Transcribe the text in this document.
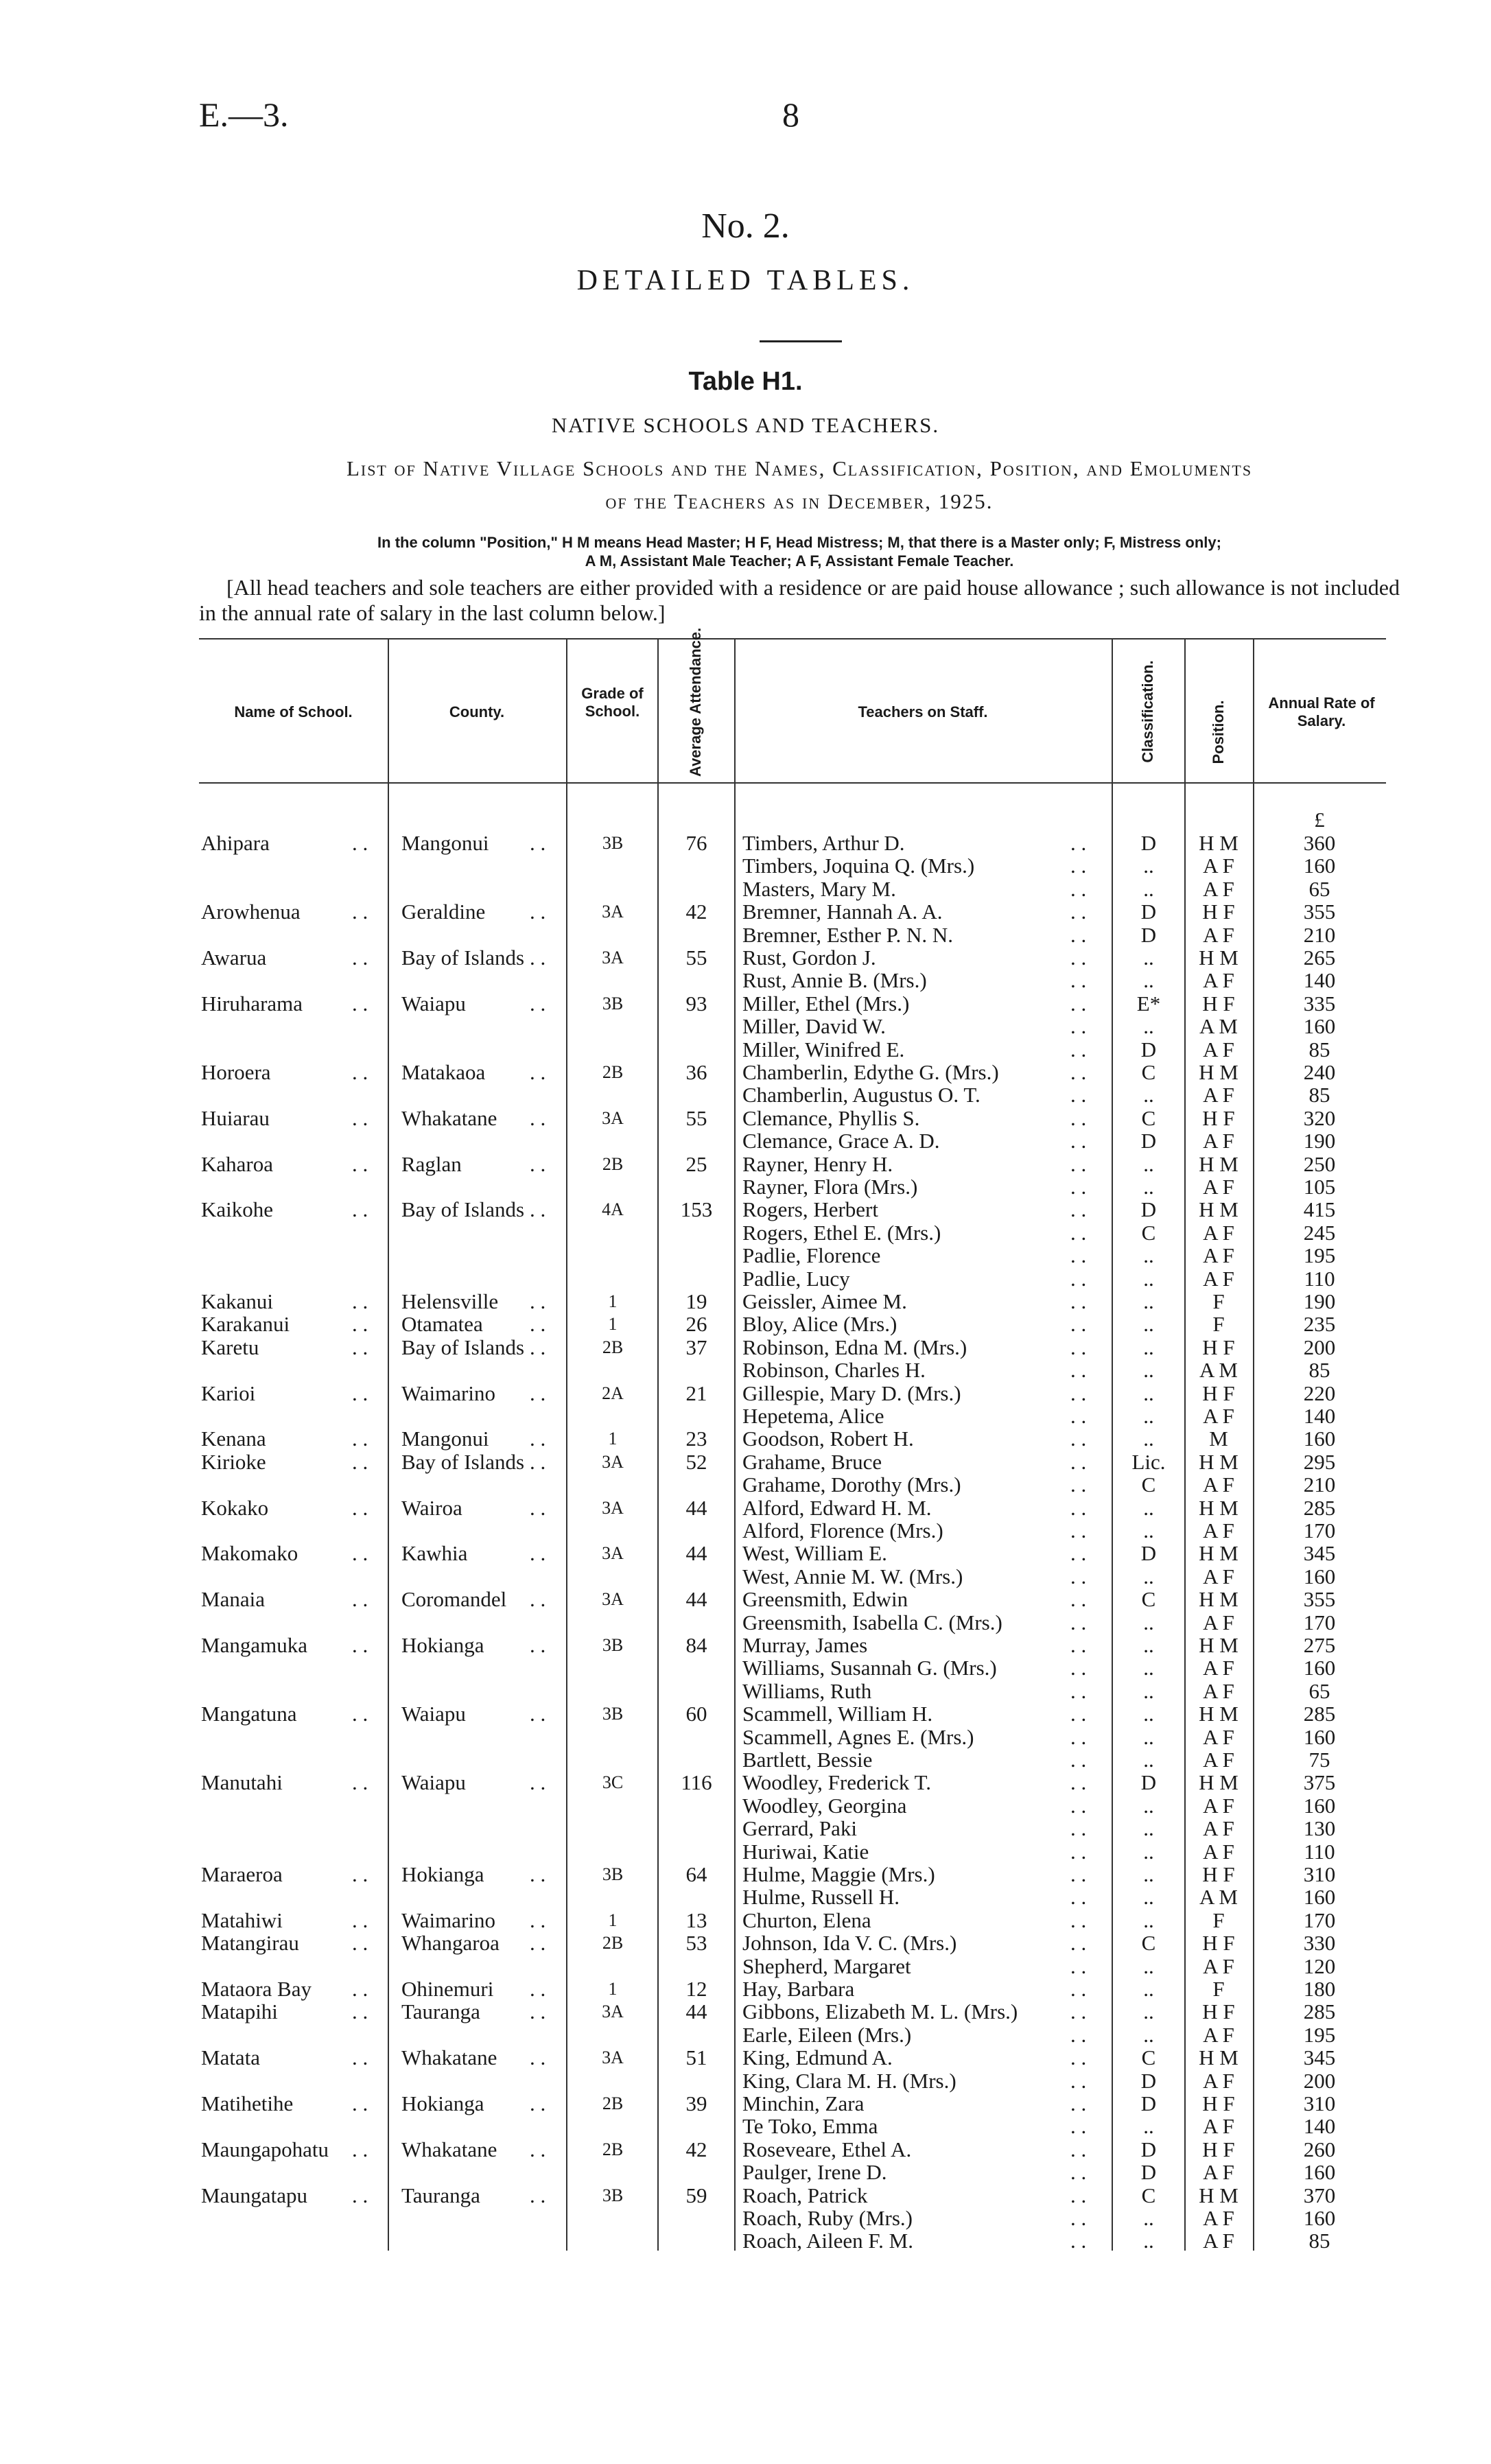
E.—3.	8
No. 2.
DETAILED TABLES.
Table H1.
NATIVE SCHOOLS AND TEACHERS.
List of Native Village Schools and the Names, Classification, Position, and Emoluments
of the Teachers as in December, 1925.
In the column "Position," H M means Head Master; H F, Head Mistress; M, that there is a Master only; F, Mistress only;
A M, Assistant Male Teacher; A F, Assistant Female Teacher.
[All head teachers and sole teachers are either provided with a residence or are paid house allowance ; such allowance is not included in the annual rate of salary in the last column below.]
Name of School.	County.
Grade of School.	Average Attendance.	Teachers on Staff.	Classification.	Position.	Annual Rate of Salary.
£
Ahipara	. . Mangonui . .	3B	76	Timbers, Arthur D.	. .	D	H M	360
Timbers, Joquina Q. (Mrs.)	. .	..	A F	160
Masters, Mary M.	. .	..	A F	65
Arowhenua . . Geraldine . .	3A	42	Bremner, Hannah A. A.	. .	D	H F	355
Bremner, Esther P. N. N.	. .	D	A F	210
Awarua	. . Bay of Islands . .	3A	55	Rust, Gordon J.	. .	..	H M	265
Rust, Annie B. (Mrs.)	. .	..	A F	140
Hiruharama . . Waiapu	. .	3B	93	Miller, Ethel (Mrs.)	. .	E*	H F	335
Miller, David W.	. .	..	A M	160
Miller, Winifred E.	. .	D	A F	85
Horoera	. . Matakaoa . .	2B	36	Chamberlin, Edythe G. (Mrs.)	. .	C	H M	240
Chamberlin, Augustus O. T.	. .	..	A F	85
Huiarau	. . Whakatane . .	3A	55	Clemance, Phyllis S.	. .	C	H F	320
Clemance, Grace A. D.	. .	D	A F	190
Kaharoa	. . Raglan	. .	2B	25	Rayner, Henry H.	. .	..	H M	250
Rayner, Flora (Mrs.)	. .	..	A F	105
Kaikohe	. . Bay of Islands . .	4A	153	Rogers, Herbert	. .	D	H M	415
Rogers, Ethel E. (Mrs.)	. .	C	A F	245
Padlie, Florence	. .	..	A F	195
Padlie, Lucy	. .	..	A F	110
Kakanui	. . Helensville . .	1	19	Geissler, Aimee M.	. .	..	F	190
Karakanui	. . Otamatea . .	1	26	Bloy, Alice (Mrs.)	. .	..	F	235
Karetu	. . Bay of Islands . .	2B	37	Robinson, Edna M. (Mrs.)	. .	..	H F	200
Robinson, Charles H.	. .	..	A M	85
Karioi	. . Waimarino . .	2A	21	Gillespie, Mary D. (Mrs.)	. .	..	H F	220
Hepetema, Alice	. .	..	A F	140
Kenana	. . Mangonui . .	1	23	Goodson, Robert H.	. .	..	M	160
Kirioke	. . Bay of Islands . .	3A	52	Grahame, Bruce	. .	Lic.	H M	295
Grahame, Dorothy (Mrs.)	. .	C	A F	210
Kokako	. . Wairoa	. .	3A	44	Alford, Edward H. M.	. .	..	H M	285
Alford, Florence (Mrs.)	. .	..	A F	170
Makomako	. . Kawhia	. .	3A	44	West, William E.	. .	D	H M	345
West, Annie M. W. (Mrs.)	. .	..	A F	160
Manaia	. . Coromandel . .	3A	44	Greensmith, Edwin	. .	C	H M	355
Greensmith, Isabella C. (Mrs.)	. .	..	A F	170
Mangamuka . . Hokianga . .	3B	84	Murray, James	. .	..	H M	275
Williams, Susannah G. (Mrs.)	. .	..	A F	160
Williams, Ruth	. .	..	A F	65
Mangatuna	. . Waiapu	. .	3B	60	Scammell, William H.	. .	..	H M	285
Scammell, Agnes E. (Mrs.)	. .	..	A F	160
Bartlett, Bessie	. .	..	A F	75
Manutahi	. . Waiapu	. .	3C	116	Woodley, Frederick T.	. .	D	H M	375
Woodley, Georgina	. .	..	A F	160
Gerrard, Paki	. .	..	A F	130
Huriwai, Katie	. .	..	A F	110
Maraeroa	. . Hokianga . .	3B	64	Hulme, Maggie (Mrs.)	. .	..	H F	310
Hulme, Russell H.	. .	..	A M	160
Matahiwi	. . Waimarino . .	1	13	Churton, Elena	. .	..	F	170
Matangirau . . Whangaroa . .	2B	53	Johnson, Ida V. C. (Mrs.)	. .	C	H F	330
Shepherd, Margaret	. .	..	A F	120
Mataora Bay . . Ohinemuri . .	1	12	Hay, Barbara	. .	..	F	180
Matapihi	. . Tauranga . .	3A	44	Gibbons, Elizabeth M. L. (Mrs.) . .	..	H F	285
Earle, Eileen (Mrs.)	. .	..	A F	195
Matata	. . Whakatane . .	3A	51	King, Edmund A.	. .	C	H M	345
King, Clara M. H. (Mrs.)	. .	D	A F	200
Matihetihe	. . Hokianga . .	2B	39	Minchin, Zara	. .	D	H F	310
Te Toko, Emma	. .	..	A F	140
Maungapohatu . . Whakatane . .	2B	42	Roseveare, Ethel A.	. .	D	H F	260
Paulger, Irene D.	. .	D	A F	160
Maungatapu . . Tauranga . .	3B	59	Roach, Patrick	. .	C	H M	370
Roach, Ruby (Mrs.)	. .	..	A F	160
Roach, Aileen F. M.	. .	..	A F	85
